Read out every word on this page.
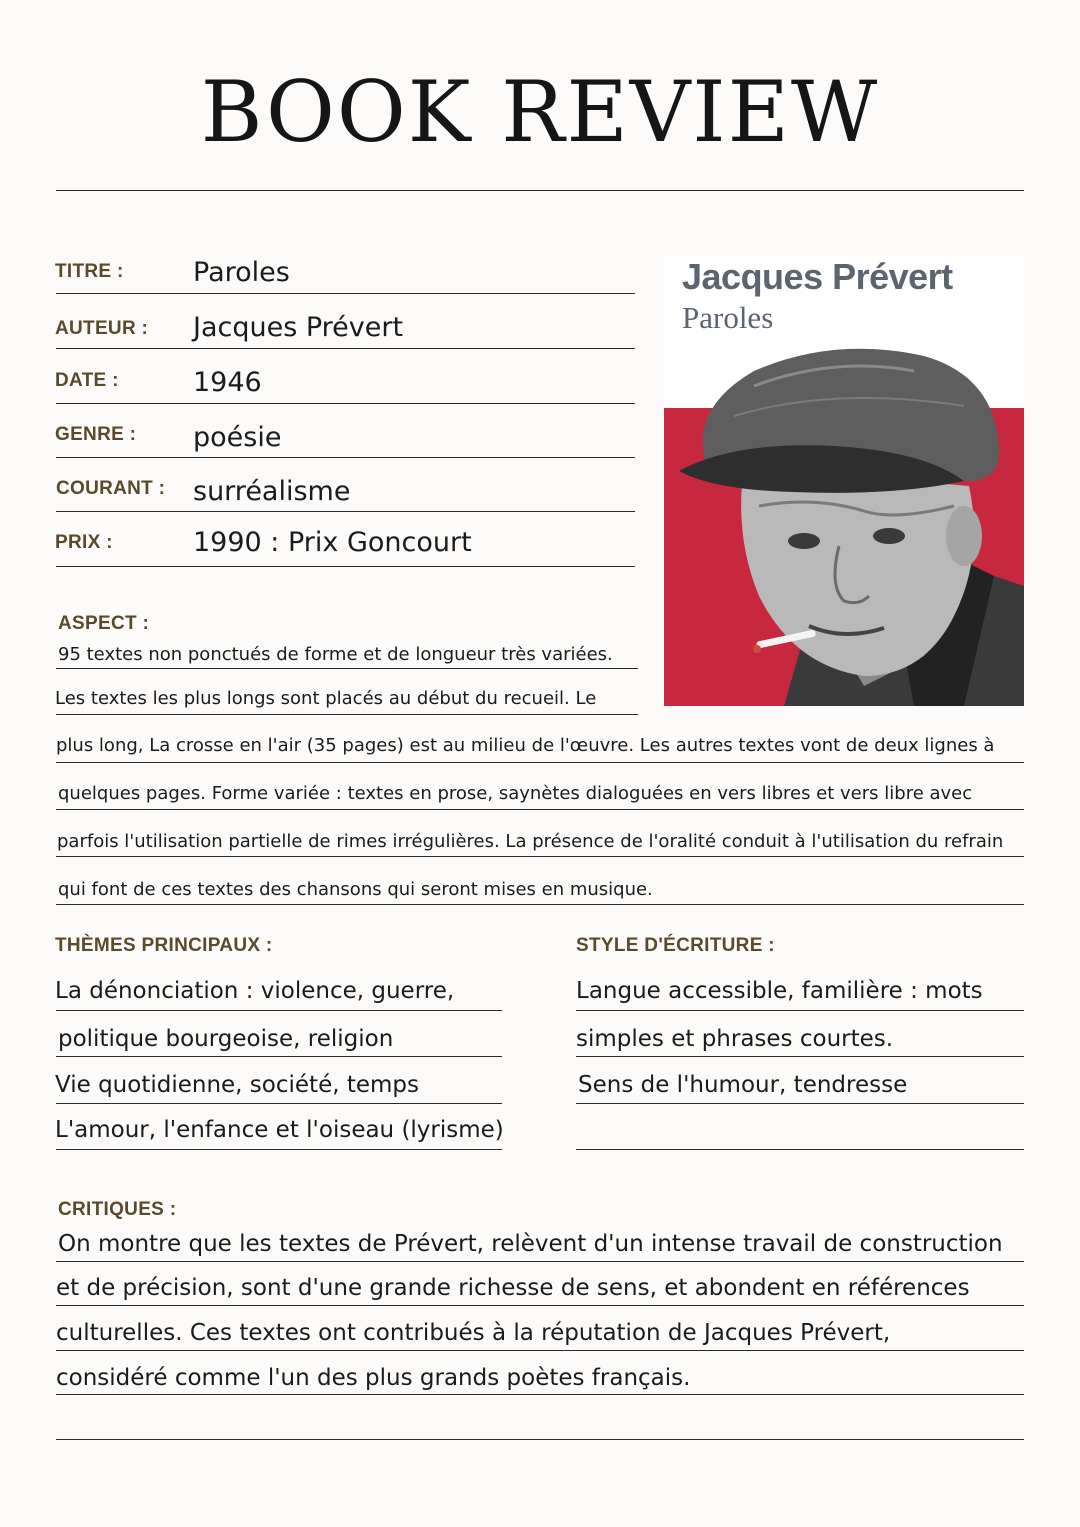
BOOK REVIEW
TITRE :	Paroles
AUTEUR : Jacques Prévert
DATE :	1946
GENRE : poésie
COURANT : surréalisme
PRIX :	1990 : Prix Goncourt
Jacques Prévert
Paroles
ASPECT :
95 textes non ponctués de forme et de longueur très variées.
Les textes les plus longs sont placés au début du recueil. Le
plus long, La crosse en l'air (35 pages) est au milieu de l'œuvre. Les autres textes vont de deux lignes à
quelques pages. Forme variée : textes en prose, saynètes dialoguées en vers libres et vers libre avec
parfois l'utilisation partielle de rimes irrégulières. La présence de l'oralité conduit à l'utilisation du refrain
qui font de ces textes des chansons qui seront mises en musique.
THÈMES PRINCIPAUX :
La dénonciation : violence, guerre,
politique bourgeoise, religion
Vie quotidienne, société, temps
L'amour, l'enfance et l'oiseau (lyrisme)
STYLE D'ÉCRITURE :
Langue accessible, familière : mots
simples et phrases courtes.
Sens de l'humour, tendresse
CRITIQUES :
On montre que les textes de Prévert, relèvent d'un intense travail de construction
et de précision, sont d'une grande richesse de sens, et abondent en références
culturelles. Ces textes ont contribués à la réputation de Jacques Prévert,
considéré comme l'un des plus grands poètes français.
